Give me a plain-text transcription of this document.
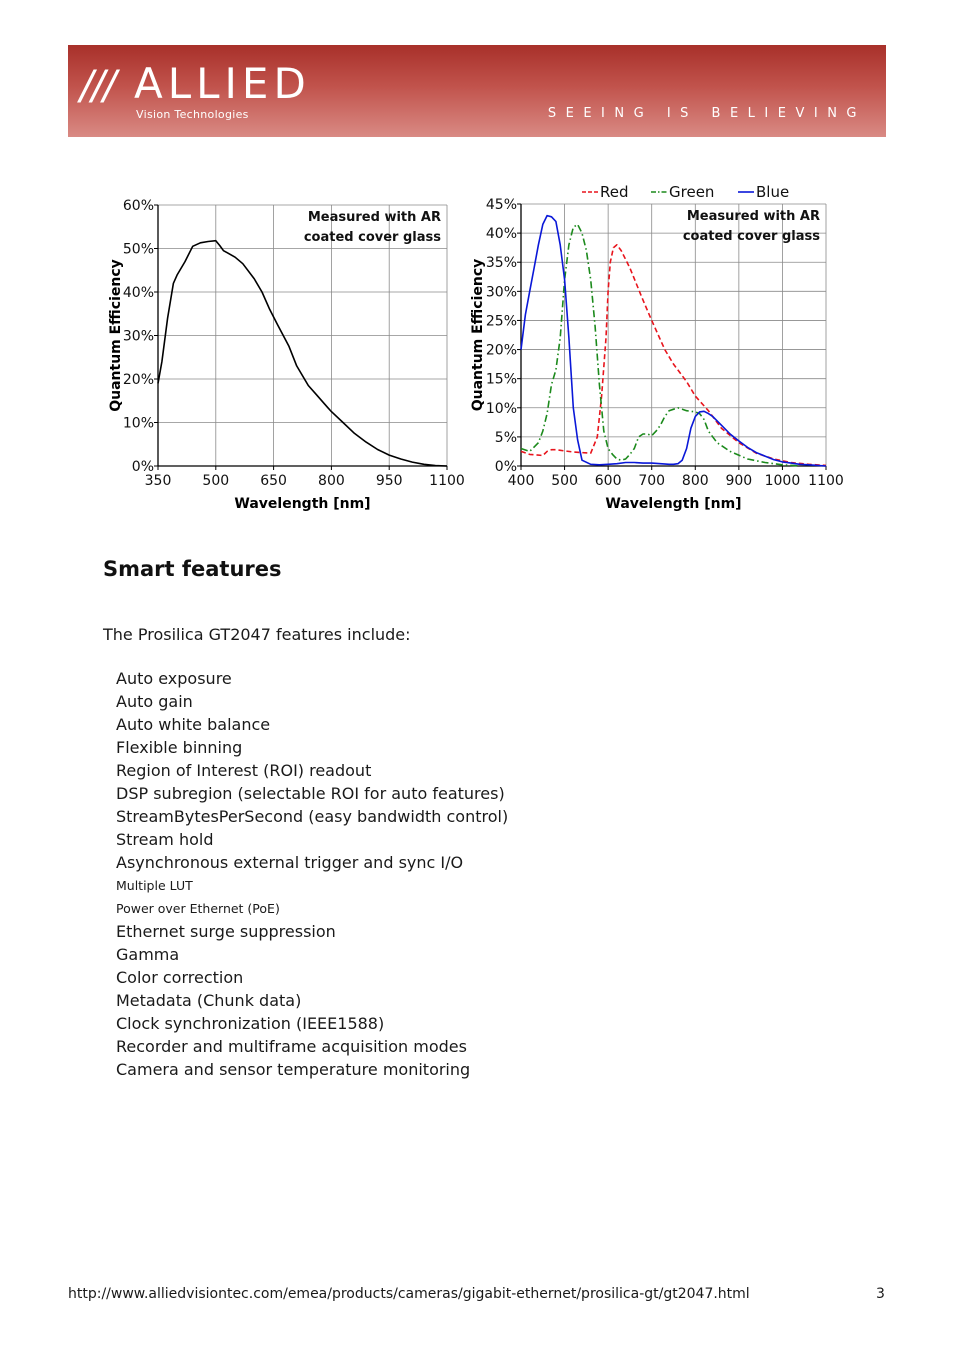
/// ALLIED
Vision Technologies	SEEING IS BELIEVING
350 500 650 800 950 1100
0%
10%
20%
30%
40%
50%
60%
Measured with AR
coated cover glass
Wavelength [nm]
Quantum Efficiency
400 500 600 700 800 900 1000 1100
0%
5%
10%
15%
20%
25%
30%
35%
40%
45%
Measured with AR
coated cover glass
Red	Green	Blue
Wavelength [nm]
Quantum Efficiency
Smart features

The Prosilica GT2047 features include:

Auto exposure
Auto gain
Auto white balance
Flexible binning
Region of Interest (ROI) readout
DSP subregion (selectable ROI for auto features)
StreamBytesPerSecond (easy bandwidth control)
Stream hold
Asynchronous external trigger and sync I/O
Multiple LUT
Power over Ethernet (PoE)
Ethernet surge suppression
Gamma
Color correction
Metadata (Chunk data)
Clock synchronization (IEEE1588)
Recorder and multiframe acquisition modes
Camera and sensor temperature monitoring
http://www.alliedvisiontec.com/emea/products/cameras/gigabit-ethernet/prosilica-gt/gt2047.html	3
